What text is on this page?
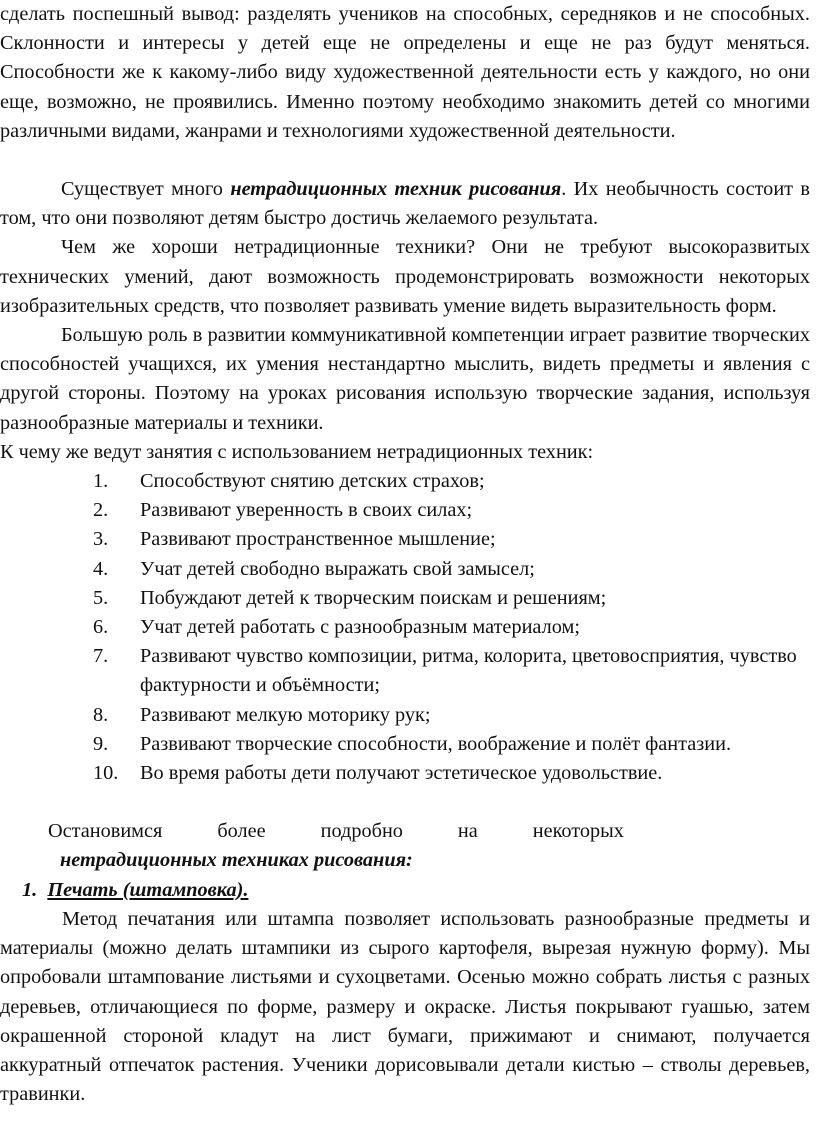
сделать поспешный вывод: разделять учеников на способных, середняков и не способных. Склонности и интересы у детей еще не определены и еще не раз будут меняться. Способности же к какому-либо виду художественной деятельности есть у каждого, но они еще, возможно, не проявились. Именно поэтому необходимо знакомить детей со многими различными видами, жанрами и технологиями художественной деятельности.

Существует много нетрадиционных техник рисования. Их необычность состоит в том, что они позволяют детям быстро достичь желаемого результата.

Чем же хороши нетрадиционные техники? Они не требуют высокоразвитых технических умений, дают возможность продемонстрировать возможности некоторых изобразительных средств, что позволяет развивать умение видеть выразительность форм.

Большую роль в развитии коммуникативной компетенции играет развитие творческих способностей учащихся, их умения нестандартно мыслить, видеть предметы и явления с другой стороны. Поэтому на уроках рисования использую творческие задания, используя разнообразные материалы и техники.

К чему же ведут занятия с использованием нетрадиционных техник:

1. Способствуют снятию детских страхов;
2. Развивают уверенность в своих силах;
3. Развивают пространственное мышление;
4. Учат детей свободно выражать свой замысел;
5. Побуждают детей к творческим поискам и решениям;
6. Учат детей работать с разнообразным материалом;
7. Развивают чувство композиции, ритма, колорита, цветовосприятия, чувство фактурности и объёмности;
8. Развивают мелкую моторику рук;
9. Развивают творческие способности, воображение и полёт фантазии.
10. Во время работы дети получают эстетическое удовольствие.
Остановимся	более	подробно	на	некоторых
нетрадиционных техниках рисования:
1. Печать (штамповка).

Метод печатания или штампа позволяет использовать разнообразные предметы и материалы (можно делать штампики из сырого картофеля, вырезая нужную форму). Мы опробовали штампование листьями и сухоцветами. Осенью можно собрать листья с разных деревьев, отличающиеся по форме, размеру и окраске. Листья покрывают гуашью, затем окрашенной стороной кладут на лист бумаги, прижимают и снимают, получается аккуратный отпечаток растения. Ученики дорисовывали детали кистью – стволы деревьев, травинки.
